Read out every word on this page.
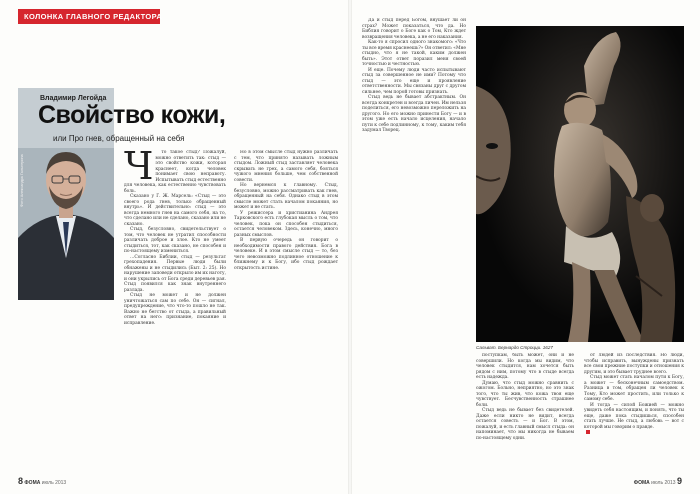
КОЛОНКА ГЛАВНОГО РЕДАКТОРА
Фото Александра Гальперина
Владимир Легойда
Свойство кожи,
или Про гнев, обращенный на себя
Ч	то такое стыд? Пожалуй, можно ответить так: стыд — это свойство кожи, которая краснеет, когда человек понимает свою неправоту. Испытывать стыд естественно для человека, как естественно чувствовать боль.

Сказано у Г. Ж. Марсель: «Стыд — это своего рода гнев, только обращенный внутрь». И действительно: стыд — это всегда немного гнев на самого себя, на то, что сделано или не сделано, сказано или не сказано.

Стыд, безусловно, свидетельствует о том, что человек не утратил способности различать доброе и злое. Кто не умеет стыдиться, тот, как сказано, не способен и по-настоящему измениться.

…Согласно Библии, стыд — результат грехопадения. Первые люди были обнажены и не стыдились (Быт. 2: 25). Но нарушение заповеди открыло им их наготу, и они укрылись от Бога среди деревьев рая. Стыд появился как знак внутреннего разлада.

Стыд не может и не должен уничтожаться сам по себе. Он — сигнал, предупреждение, что что-то пошло не так. Важно не бегство от стыда, а правильный ответ на него: признание, покаяние и исправление.

Но в этом смысле стыд нужно различать с тем, что принято называть ложным стыдом. Ложный стыд заставляет человека скрывать не грех, а самого себя, бояться чужого мнения больше, чем собственной совести.

Но вернемся к главному. Стыд, безусловно, можно рассматривать как гнев, обращенный на себя. Однако стыд в этом смысле может стать началом покаяния, но может и не стать.

У режиссера и христианина Андрея Тарковского есть глубокая мысль о том, что человек, пока он способен стыдиться, остается человеком. Здесь, конечно, много разных смыслов.

В первую очередь он говорит о необходимости правого действия. Бога в человеке. И в этом смысле стыд — то, без чего невозможно подлинное отношение к ближнему и к Богу, ибо стыд рождает открытость истине.

8 ФОМА июль 2013

Да и стыд перед Богом, внушает ли он страх? Может показаться, что да. Но Библия говорит о Боге как о Том, Кто ждет возвращения человека, а не его наказания.

Как-то я спросил одного знакомого: «Что ты все время краснеешь?» Он ответил: «Мне стыдно, что я не такой, каким должен быть». Этот ответ поразил меня своей точностью и честностью.

И еще. Почему люди часто испытывают стыд за совершенное не ими? Потому что стыд — это еще и проявление ответственности. Мы связаны друг с другом сильнее, чем порой готовы признать.

Стыд ведь не бывает абстрактным. Он всегда конкретен и всегда личен. Им нельзя поделиться, его невозможно переложить на другого. Но его можно принести Богу — и в этом уже есть начало исцеления, начало пути к себе подлинному, к тому, каким тебя задумал Творец.

Сальват. Бернардо Строцци. 1627

поступкам, быть может, они и не совершили. Но когда мы видим, что человек стыдится, нам хочется быть рядом с ним, потому что в стыде всегда есть надежда.

Думаю, что стыд можно сравнить с ожогом. Больно, неприятно, но это знак того, что ты жив, что кожа твоя еще чувствует. Бесчувственность страшнее боли.

Стыд ведь не бывает без свидетелей. Даже если никто не видит, всегда остается совесть — и Бог. В этом, пожалуй, и есть главный смысл стыда: он напоминает, что мы никогда не бываем по-настоящему одни.

от людей из последствия. Но люди, чтобы исправить, вынуждены признать все свои прежние поступки и отношения к другим, и это бывает труднее всего.

Стыд может стать началом пути к Богу, а может — бесконечным самоедством. Разница в том, обращен ли человек к Тому, Кто может простить, или только к самому себе.

И тогда — силой Божией — можно увидеть себя настоящим, и понять, что ты еще, даже пока стыдишься, способен стать лучше. Не стыд, а любовь — вот с которой мы говорим о правде.

ФОМА июль 2013 9
